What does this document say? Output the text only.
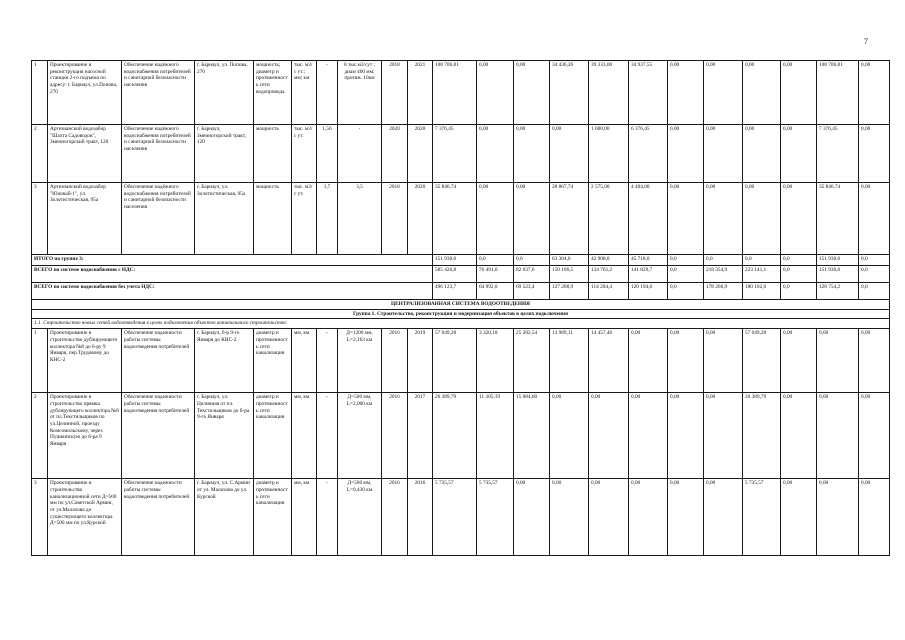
7
1	Проектирование и реконструкция насосной станции 2-го подъема по адресу: г. Барнаул, ул.Попова, 270	Обеспечение надёжного водоснабжения потребителей и санитарной безопасности населения	г. Барнаул, ул. Попова, 270	мощность; диаметр и протяженность сети водопровода	тыс. м3/с ут.; мм; км	-	8 тыс.м3/сут ; диам 400 мм; протяж. 10км	2018	2021	108 706,81	0,00	0,00	34 436,26	39 333,00	34 937,55	0,00	0,00	0,00	0,00	108 706,81	0,00
2	Артезианский водозабор "Шахта Садоводов", Змеиногорский тракт, 120	Обеспечение надёжного водоснабжения потребителей и санитарной безопасности населения	г. Барнаул, Змеиногорский тракт, 120	мощность	тыс. м3/с ут.	1,56	-	2020	2020	7 376,45	0,00	0,00	0,00	1 000,00	6 376,45	0,00	0,00	0,00	0,00	7 376,45	0,00
3	Артезианский водозабор "Южный-1", ул. Золотистическая, 95а	Обеспечение надёжного водоснабжения потребителей и санитарной безопасности населения	г. Барнаул, ул. Золотистическая, 95а	мощность	тыс. м3/с ут.	1,7	3,5	2018	2020	35 846,74	0,00	0,00	28 867,74	2 575,00	4 404,00	0,00	0,00	0,00	0,00	35 846,74	0,00
ИТОГО по группе 3:										151 930,0	0,0	0,0	63 304,0	42 908,0	45 718,0	0,0	0,0	0,0	0,0	151 930,0	0,0
ВСЕГО по системе водоснабжения с НДС:										585 426,8	76 491,0	82 037,6	150 106,5	134 761,2	141 829,7	0,0	218 354,9	223 141,1	0,0	151 930,0	0,0
ВСЕГО по системе водоснабжения без учета НДС:										496 123,7	64 992,0	69 523,4	127 208,9	114 204,4	120 194,6	0,0	178 266,9	180 102,6	0,0	128 754,2	0,0
ЦЕНТРАЛИЗОВАННАЯ СИСТЕМА ВОДООТВЕДЕНИЯ																					
Группа 1. Строительство, реконструкция и модернизация объектов в целях подключения																					
1.1. Строительство новых сетей водоотведения в целях подключения объектов капитального строительства:																					
1	Проектирование и строительство дублирующего коллектора №8 до 6-ру 9 Января, пер.Трудовому до КНС-2	Обеспечение надежности работы системы водоотведения потребителей	г. Барнаул, б-р 9-го Января до КНС-2	диаметр и протяженность сети канализации	мм, км	-	Д=1200 мм, L=2,163 км	2016	2019	57 049,28	3 320,18	25 282,54	13 989,11	14 457,46	0,00	0,00	0,00	57 049,28	0,00	0,00	0,00
2	Проектирование и строительство прямка дублирующего коллектора №8 от пл.Текстильщиков по ул.Целинной, проезду Комсомольскому, через Пушкинскую до б-ра 9 Января	Обеспечение надежности работы системы водоотведения потребителей	г. Барнаул, ул. Целинная от пл. Текстильщиков до б-ра 9-го Января	диаметр и протяженность сети канализации	мм, км	-	Д=500 мм, L=2,000 км	2016	2017	26 389,79	11 305,19	15 084,60	0,00	0,00	0,00	0,00	0,00	26 389,79	0,00	0,00	0,00
3	Проектирование и строительство канализационной сети Д=500 мм по ул.Советской Армии, от ул.Малахова до существующего коллектора Д=500 мм по ул.Курской	Обеспечение надежности работы системы водоотведения потребителей	г. Барнаул, ул. С.Армии от ул. Малахова до ул. Курской	диаметр и протяженность сети канализации	мм, км	-	Д=500 мм, L=0,430 км	2016	2016	5 735,57	5 735,57	0,00	0,00	0,00	0,00	0,00	0,00	5 735,57	0,00	0,00	0,00
